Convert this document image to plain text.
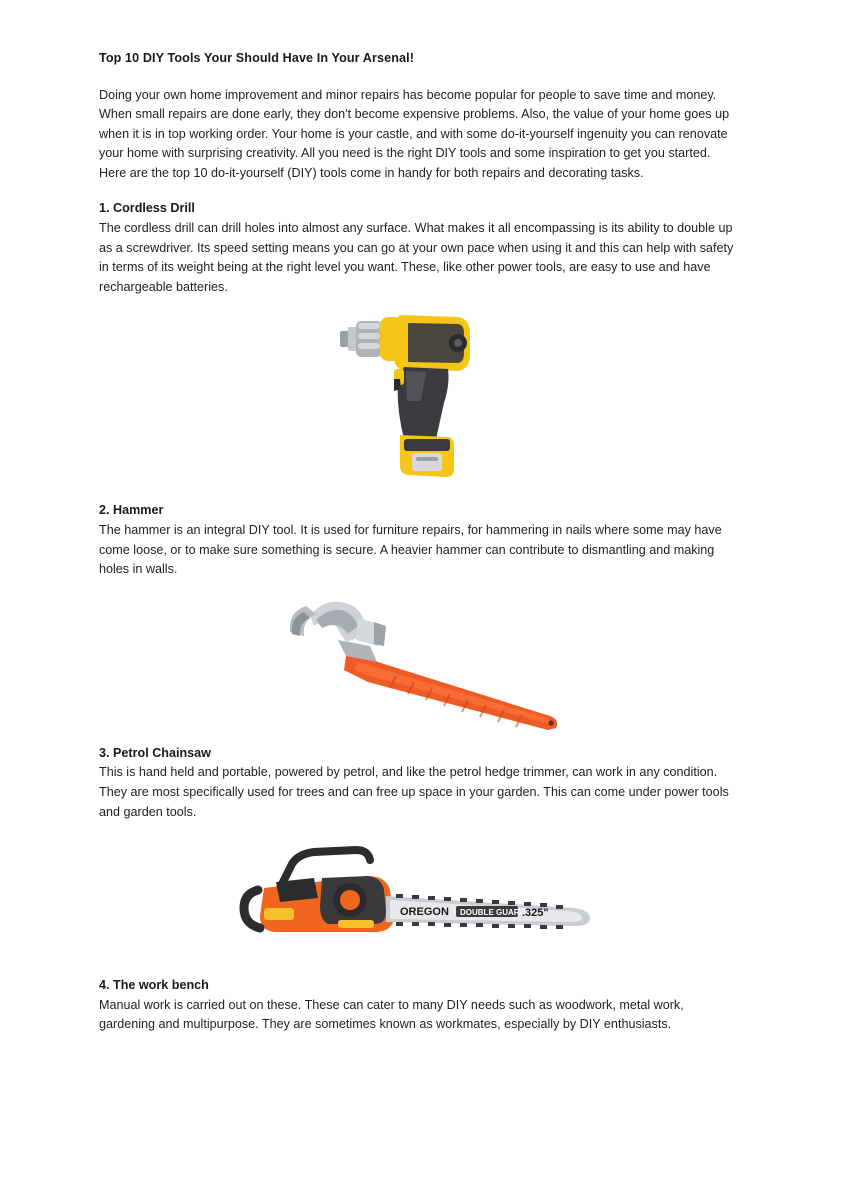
Top 10 DIY Tools Your Should Have In Your Arsenal!

Doing your own home improvement and minor repairs has become popular for people to save time and money. When small repairs are done early, they don't become expensive problems. Also, the value of your home goes up when it is in top working order. Your home is your castle, and with some do-it-yourself ingenuity you can renovate your home with surprising creativity. All you need is the right DIY tools and some inspiration to get you started. Here are the top 10 do-it-yourself (DIY) tools come in handy for both repairs and decorating tasks.

1. Cordless Drill

The cordless drill can drill holes into almost any surface. What makes it all encompassing is its ability to double up as a screwdriver. Its speed setting means you can go at your own pace when using it and this can help with safety in terms of its weight being at the right level you want. These, like other power tools, are easy to use and have rechargeable batteries.

2. Hammer

The hammer is an integral DIY tool. It is used for furniture repairs, for hammering in nails where some may have come loose, or to make sure something is secure. A heavier hammer can contribute to dismantling and making holes in walls.

3. Petrol Chainsaw

This is hand held and portable, powered by petrol, and like the petrol hedge trimmer, can work in any condition. They are most specifically used for trees and can free up space in your garden. This can come under power tools and garden tools.

OREGON DOUBLE GUARD
.325"
4. The work bench

Manual work is carried out on these. These can cater to many DIY needs such as woodwork, metal work, gardening and multipurpose. They are sometimes known as workmates, especially by DIY enthusiasts.
